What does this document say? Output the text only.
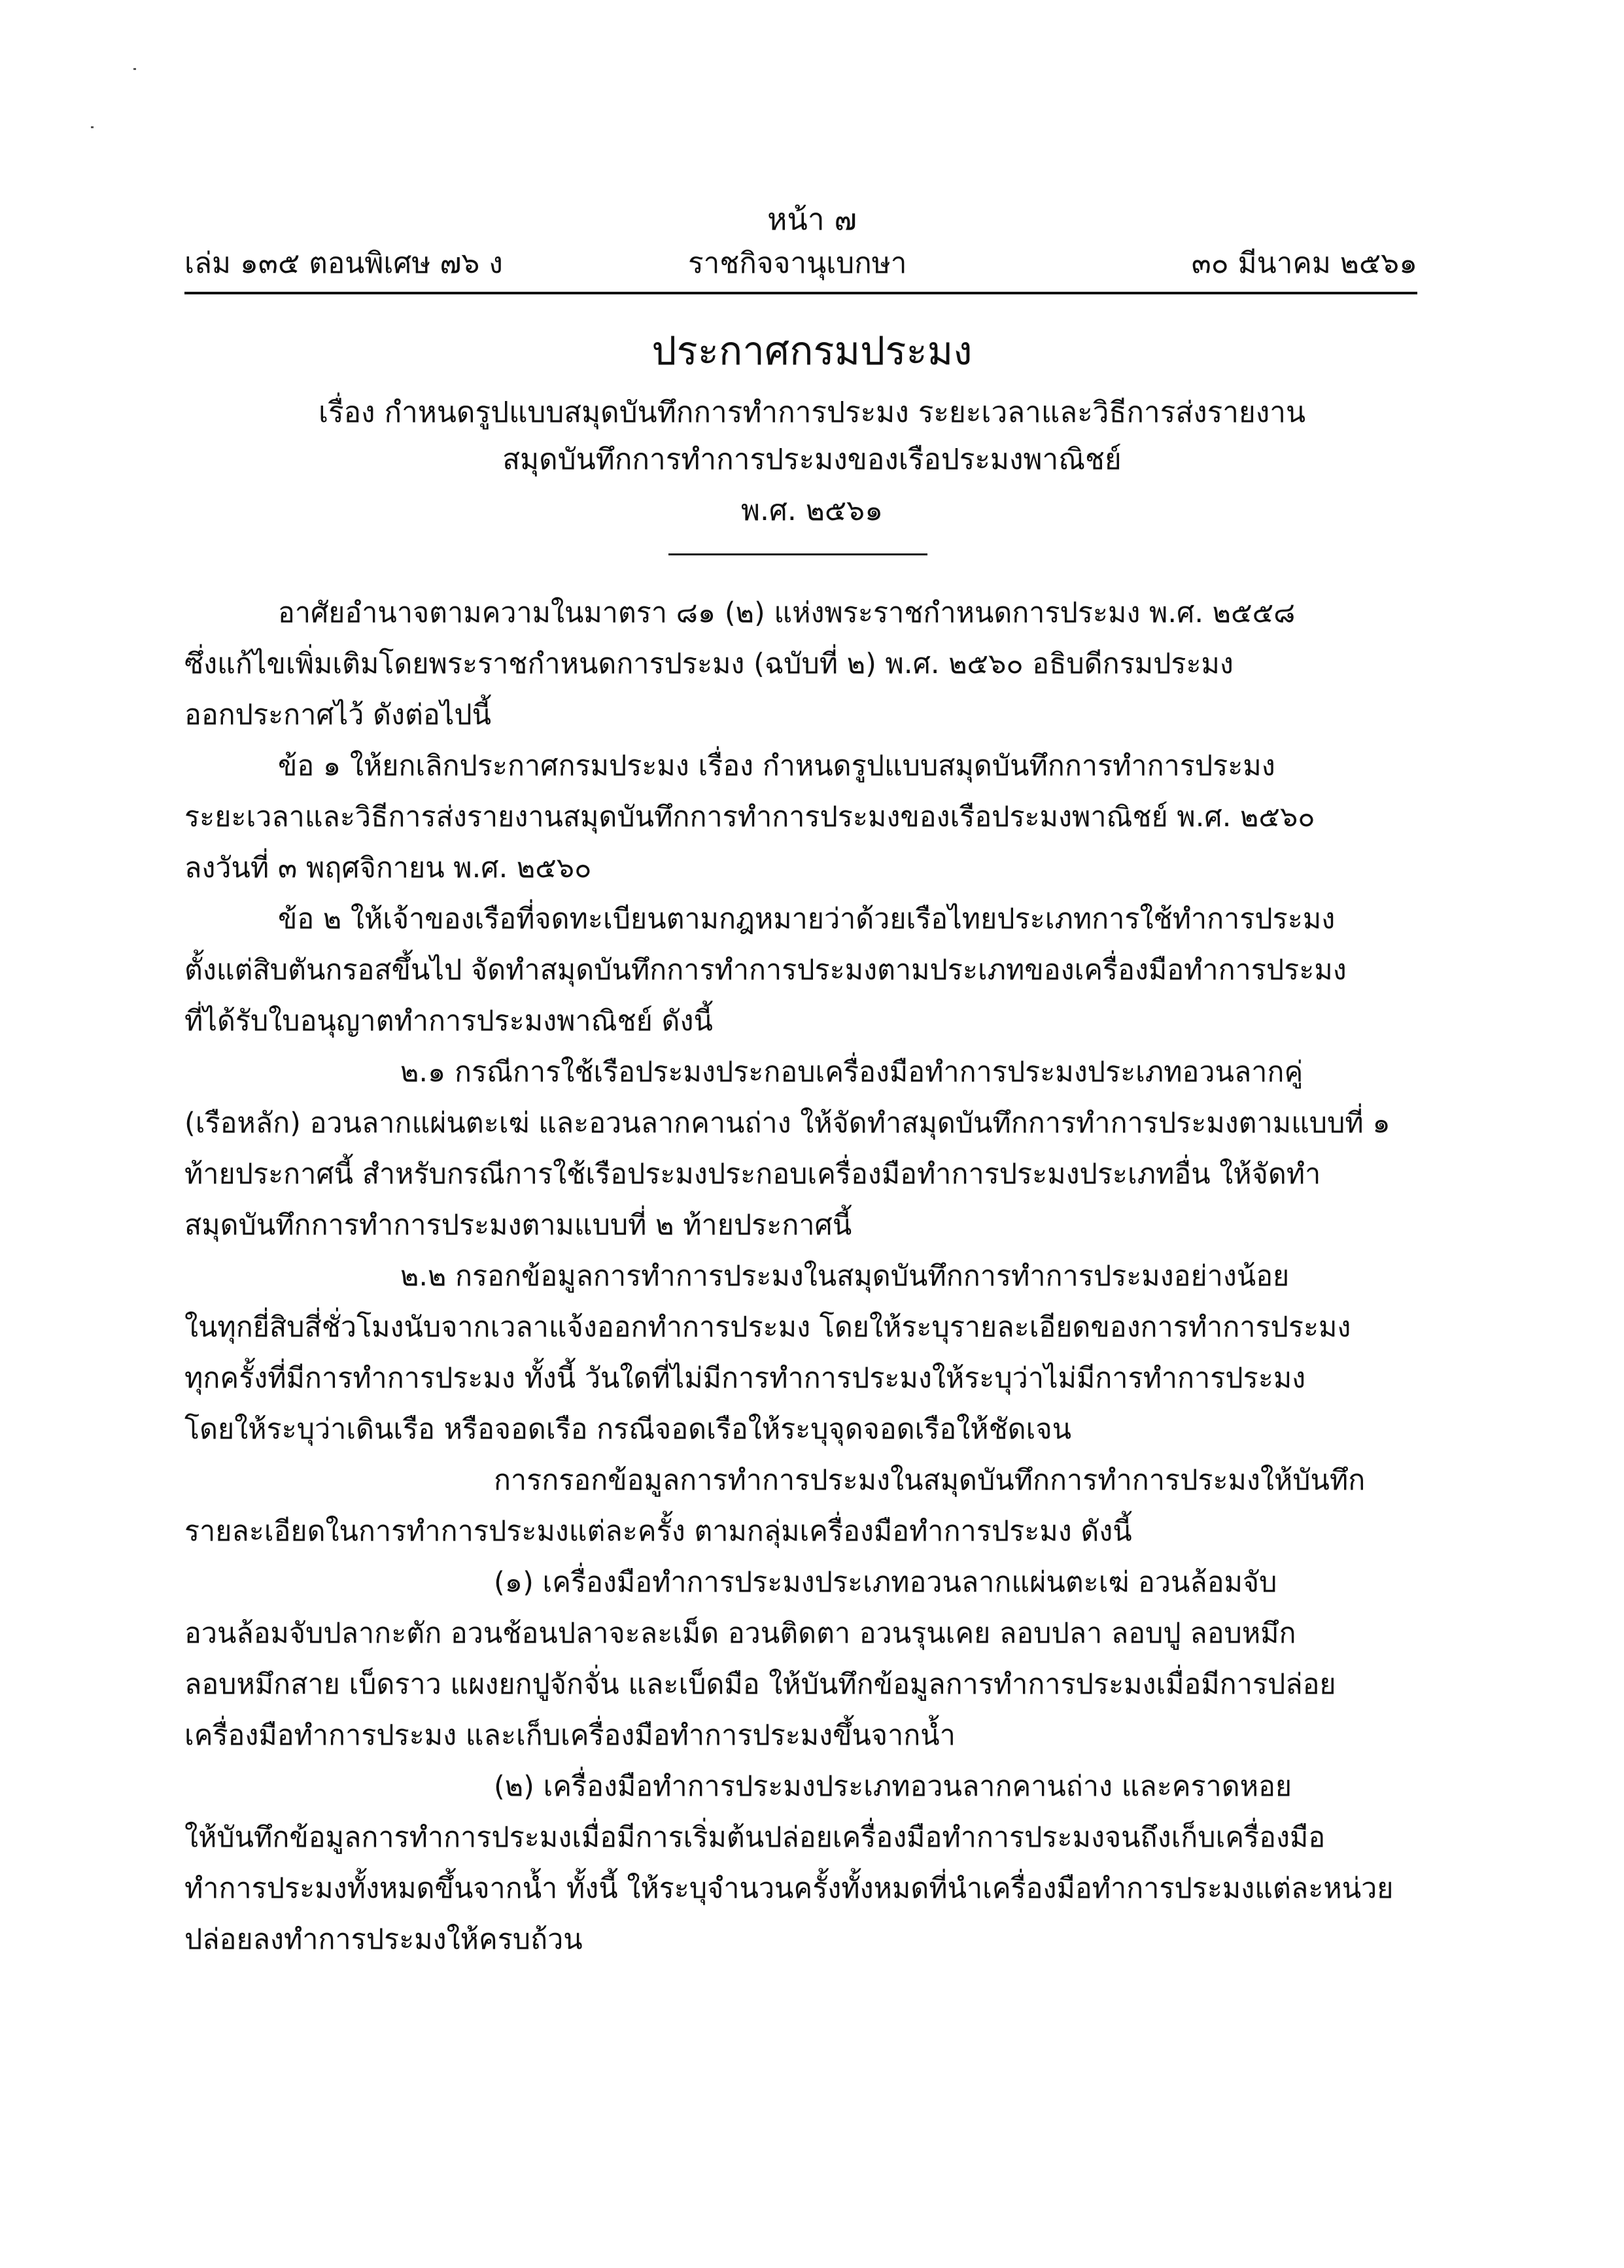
หน้า ๗
เล่ม ๑๓๕ ตอนพิเศษ ๗๖ ง	ราชกิจจานุเบกษา	๓๐ มีนาคม ๒๕๖๑
ประกาศกรมประมง
เรื่อง กำหนดรูปแบบสมุดบันทึกการทำการประมง ระยะเวลาและวิธีการส่งรายงาน
สมุดบันทึกการทำการประมงของเรือประมงพาณิชย์
พ.ศ. ๒๕๖๑
อาศัยอำนาจตามความในมาตรา ๘๑ (๒) แห่งพระราชกำหนดการประมง พ.ศ. ๒๕๕๘
ซึ่งแก้ไขเพิ่มเติมโดยพระราชกำหนดการประมง (ฉบับที่ ๒) พ.ศ. ๒๕๖๐ อธิบดีกรมประมง
ออกประกาศไว้ ดังต่อไปนี้
ข้อ ๑ ให้ยกเลิกประกาศกรมประมง เรื่อง กำหนดรูปแบบสมุดบันทึกการทำการประมง
ระยะเวลาและวิธีการส่งรายงานสมุดบันทึกการทำการประมงของเรือประมงพาณิชย์ พ.ศ. ๒๕๖๐
ลงวันที่ ๓ พฤศจิกายน พ.ศ. ๒๕๖๐
ข้อ ๒ ให้เจ้าของเรือที่จดทะเบียนตามกฎหมายว่าด้วยเรือไทยประเภทการใช้ทำการประมง
ตั้งแต่สิบตันกรอสขึ้นไป จัดทำสมุดบันทึกการทำการประมงตามประเภทของเครื่องมือทำการประมง
ที่ได้รับใบอนุญาตทำการประมงพาณิชย์ ดังนี้
๒.๑ กรณีการใช้เรือประมงประกอบเครื่องมือทำการประมงประเภทอวนลากคู่
(เรือหลัก) อวนลากแผ่นตะเฆ่ และอวนลากคานถ่าง ให้จัดทำสมุดบันทึกการทำการประมงตามแบบที่ ๑
ท้ายประกาศนี้ สำหรับกรณีการใช้เรือประมงประกอบเครื่องมือทำการประมงประเภทอื่น ให้จัดทำ
สมุดบันทึกการทำการประมงตามแบบที่ ๒ ท้ายประกาศนี้
๒.๒ กรอกข้อมูลการทำการประมงในสมุดบันทึกการทำการประมงอย่างน้อย
ในทุกยี่สิบสี่ชั่วโมงนับจากเวลาแจ้งออกทำการประมง โดยให้ระบุรายละเอียดของการทำการประมง
ทุกครั้งที่มีการทำการประมง ทั้งนี้ วันใดที่ไม่มีการทำการประมงให้ระบุว่าไม่มีการทำการประมง
โดยให้ระบุว่าเดินเรือ หรือจอดเรือ กรณีจอดเรือให้ระบุจุดจอดเรือให้ชัดเจน
การกรอกข้อมูลการทำการประมงในสมุดบันทึกการทำการประมงให้บันทึก
รายละเอียดในการทำการประมงแต่ละครั้ง ตามกลุ่มเครื่องมือทำการประมง ดังนี้
(๑) เครื่องมือทำการประมงประเภทอวนลากแผ่นตะเฆ่ อวนล้อมจับ
อวนล้อมจับปลากะตัก อวนช้อนปลาจะละเม็ด อวนติดตา อวนรุนเคย ลอบปลา ลอบปู ลอบหมึก
ลอบหมึกสาย เบ็ดราว แผงยกปูจักจั่น และเบ็ดมือ ให้บันทึกข้อมูลการทำการประมงเมื่อมีการปล่อย
เครื่องมือทำการประมง และเก็บเครื่องมือทำการประมงขึ้นจากน้ำ
(๒) เครื่องมือทำการประมงประเภทอวนลากคานถ่าง และคราดหอย
ให้บันทึกข้อมูลการทำการประมงเมื่อมีการเริ่มต้นปล่อยเครื่องมือทำการประมงจนถึงเก็บเครื่องมือ
ทำการประมงทั้งหมดขึ้นจากน้ำ ทั้งนี้ ให้ระบุจำนวนครั้งทั้งหมดที่นำเครื่องมือทำการประมงแต่ละหน่วย
ปล่อยลงทำการประมงให้ครบถ้วน
